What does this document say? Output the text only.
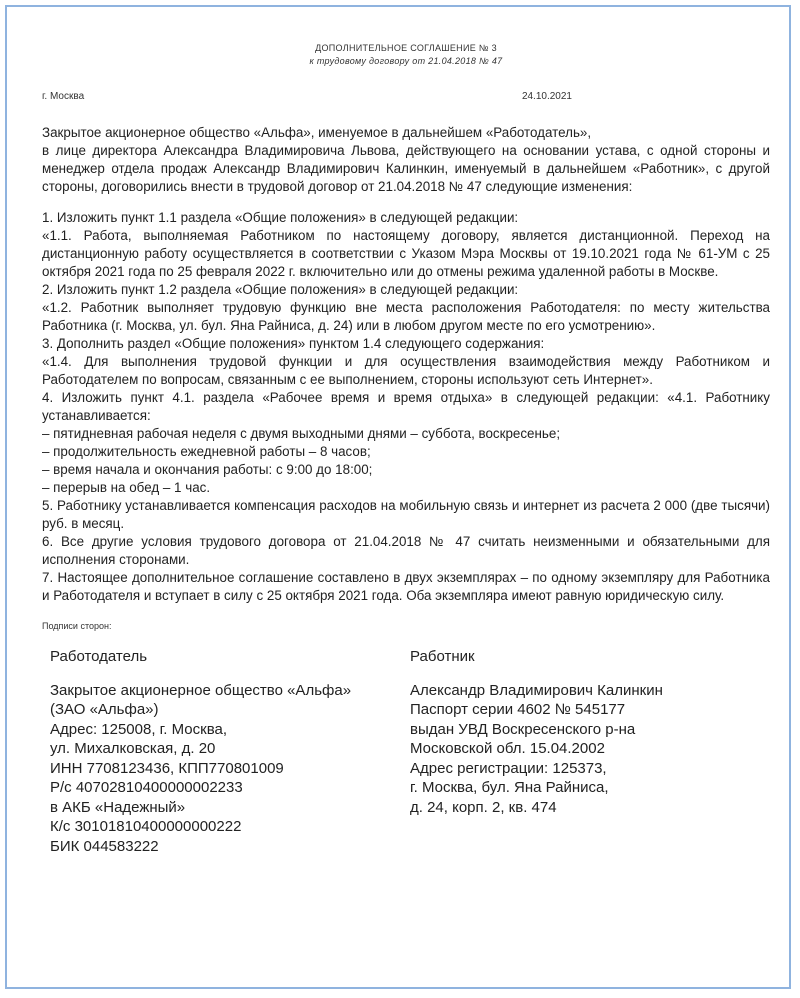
ДОПОЛНИТЕЛЬНОЕ СОГЛАШЕНИЕ № 3
к трудовому договору от 21.04.2018 № 47
г. Москва	24.10.2021

Закрытое акционерное общество «Альфа», именуемое в дальнейшем «Работодатель»,

в лице директора Александра Владимировича Львова, действующего на основании устава, с одной стороны и менеджер отдела продаж Александр Владимирович Калинкин, именуемый в дальнейшем «Работник», с другой стороны, договорились внести в трудовой договор от 21.04.2018 № 47 следующие изменения:

1. Изложить пункт 1.1 раздела «Общие положения» в следующей редакции:

«1.1. Работа, выполняемая Работником по настоящему договору, является дистанционной. Переход на дистанционную работу осуществляется в соответствии с Указом Мэра Москвы от 19.10.2021 года № 61-УМ с 25 октября 2021 года по 25 февраля 2022 г. включительно или до отмены режима удаленной работы в Москве.

2. Изложить пункт 1.2 раздела «Общие положения» в следующей редакции:

«1.2. Работник выполняет трудовую функцию вне места расположения Работодателя: по месту жительства Работника (г. Москва, ул. бул. Яна Райниса, д. 24) или в любом другом месте по его усмотрению».

3. Дополнить раздел «Общие положения» пунктом 1.4 следующего содержания:

«1.4. Для выполнения трудовой функции и для осуществления взаимодействия между Работником и Работодателем по вопросам, связанным с ее выполнением, стороны используют сеть Интернет».

4. Изложить пункт 4.1. раздела «Рабочее время и время отдыха» в следующей редакции: «4.1. Работнику устанавливается:

– пятидневная рабочая неделя с двумя выходными днями – суббота, воскресенье;

– продолжительность ежедневной работы – 8 часов;

– время начала и окончания работы: с 9:00 до 18:00;

– перерыв на обед – 1 час.

5. Работнику устанавливается компенсация расходов на мобильную связь и интернет из расчета 2 000 (две тысячи) руб. в месяц.

6. Все другие условия трудового договора от 21.04.2018 № 47 считать неизменными и обязательными для исполнения сторонами.

7. Настоящее дополнительное соглашение составлено в двух экземплярах – по одному экземпляру для Работника и Работодателя и вступает в силу с 25 октября 2021 года. Оба экземпляра имеют равную юридическую силу.

Подписи сторон:
Работодатель
Закрытое акционерное общество «Альфа»
(ЗАО «Альфа»)
Адрес: 125008, г. Москва,
ул. Михалковская, д. 20
ИНН 7708123436, КПП770801009
Р/с 40702810400000002233
в АКБ «Надежный»
К/с 30101810400000000222
БИК 044583222
Работник
Александр Владимирович Калинкин
Паспорт серии 4602 № 545177
выдан УВД Воскресенского р-на
Московской обл. 15.04.2002
Адрес регистрации: 125373,
г. Москва, бул. Яна Райниса,
д. 24, корп. 2, кв. 474
